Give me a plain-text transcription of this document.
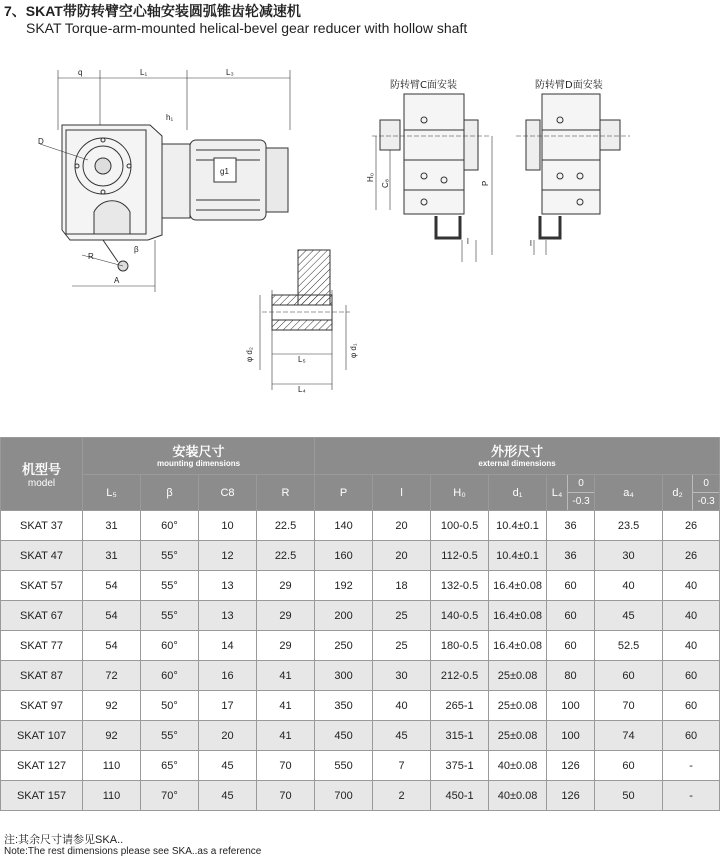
7、SKAT带防转臂空心轴安装圆弧锥齿轮减速机
SKAT Torque-arm-mounted helical-bevel gear reducer with hollow shaft
q	L₁	L₃
h₁
D
g1
R
β
A
φ d₂	φ d₁
L₅
L₄
防转臂C面安装
H₀
C₈	P
l
防转臂D面安装
l
机型号
model	安装尺寸
mounting dimensions				外形尺寸
external dimensions						

	L₅	β	C8	R	P	l	H₀	d₁	$L_4 \frac{0}{-0.3}$	a₄	$d_2 \frac{0}{-0.3}$

SKAT 37	31	60°	10	22.5	140	20	100-0.5	10.4±0.1	36	23.5	26
SKAT 47	31	55°	12	22.5	160	20	112-0.5	10.4±0.1	36	30	26
SKAT 57	54	55°	13	29	192	18	132-0.5	16.4±0.08	60	40	40
SKAT 67	54	55°	13	29	200	25	140-0.5	16.4±0.08	60	45	40
SKAT 77	54	60°	14	29	250	25	180-0.5	16.4±0.08	60	52.5	40
SKAT 87	72	60°	16	41	300	30	212-0.5	25±0.08	80	60	60
SKAT 97	92	50°	17	41	350	40	265-1	25±0.08	100	70	60
SKAT 107	92	55°	20	41	450	45	315-1	25±0.08	100	74	60
SKAT 127	110	65°	45	70	550	7	375-1	40±0.08	126	60	-
SKAT 157	110	70°	45	70	700	2	450-1	40±0.08	126	50	-
注:其余尺寸请参见SKA..
Note:The rest dimensions please see SKA..as a reference
